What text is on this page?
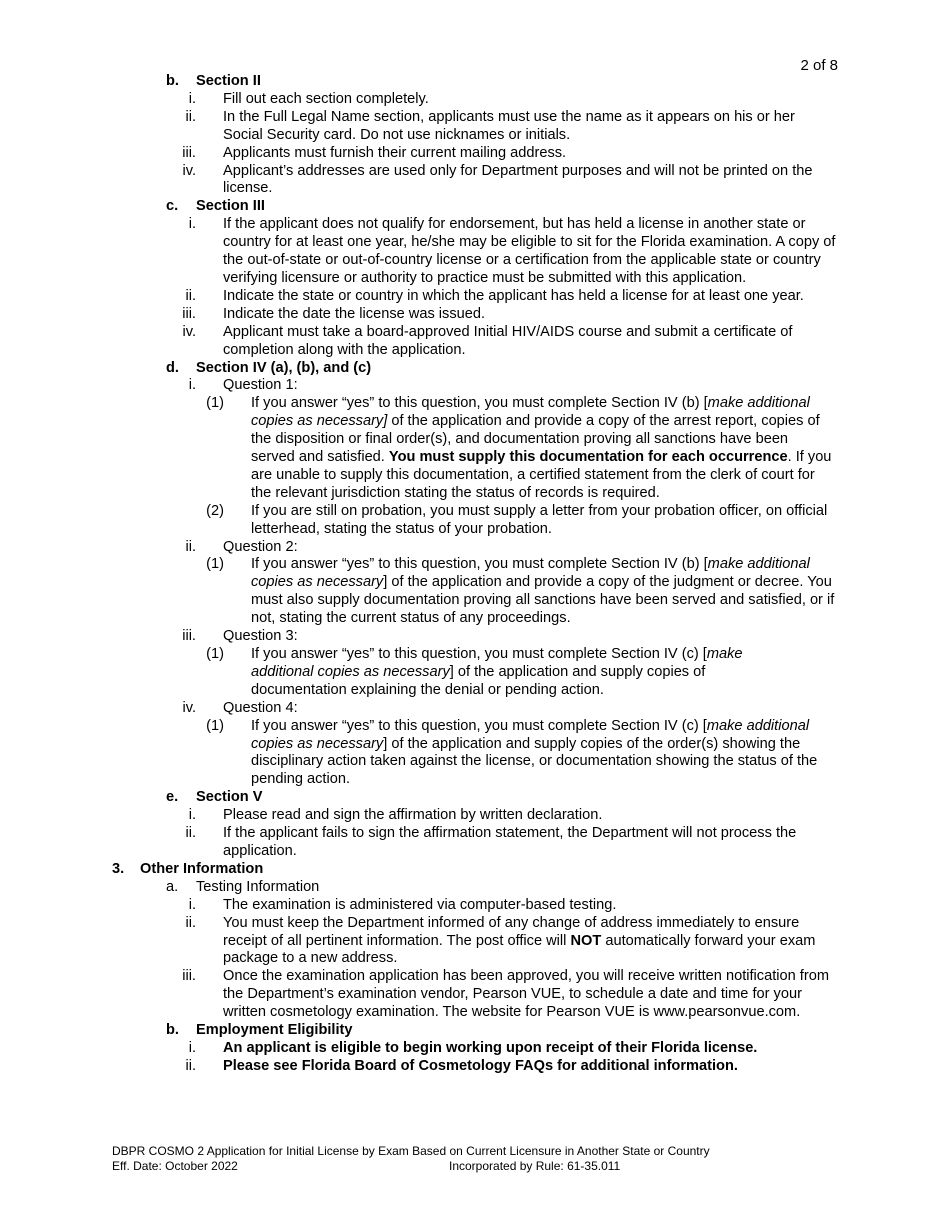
2 of 8
b.	Section II
i. Fill out each section completely.
ii. In the Full Legal Name section, applicants must use the name as it appears on his or her Social Security card. Do not use nicknames or initials.
iii. Applicants must furnish their current mailing address.
iv. Applicant’s addresses are used only for Department purposes and will not be printed on the license.
c.	Section III
i. If the applicant does not qualify for endorsement, but has held a license in another state or country for at least one year, he/she may be eligible to sit for the Florida examination. A copy of the out-of-state or out-of-country license or a certification from the applicable state or country verifying licensure or authority to practice must be submitted with this application.
ii. Indicate the state or country in which the applicant has held a license for at least one year.
iii. Indicate the date the license was issued.
iv. Applicant must take a board-approved Initial HIV/AIDS course and submit a certificate of completion along with the application.
d.	Section IV (a), (b), and (c)
i. Question 1:
(1) If you answer “yes” to this question, you must complete Section IV (b) [make additional copies as necessary] of the application and provide a copy of the arrest report, copies of the disposition or final order(s), and documentation proving all sanctions have been served and satisfied. You must supply this documentation for each occurrence. If you are unable to supply this documentation, a certified statement from the clerk of court for the relevant jurisdiction stating the status of records is required.
(2) If you are still on probation, you must supply a letter from your probation officer, on official letterhead, stating the status of your probation.
ii. Question 2:
(1) If you answer “yes” to this question, you must complete Section IV (b) [make additional copies as necessary] of the application and provide a copy of the judgment or decree. You must also supply documentation proving all sanctions have been served and satisfied, or if not, stating the current status of any proceedings.
iii. Question 3:
(1) If you answer “yes” to this question, you must complete Section IV (c) [make additional copies as necessary] of the application and supply copies of documentation explaining the denial or pending action.
iv. Question 4:
(1) If you answer “yes” to this question, you must complete Section IV (c) [make additional copies as necessary] of the application and supply copies of the order(s) showing the disciplinary action taken against the license, or documentation showing the status of the pending action.
e.	Section V
i. Please read and sign the affirmation by written declaration.
ii. If the applicant fails to sign the affirmation statement, the Department will not process the application.
3.	Other Information
a.	Testing Information
i. The examination is administered via computer-based testing.
ii. You must keep the Department informed of any change of address immediately to ensure receipt of all pertinent information. The post office will NOT automatically forward your exam package to a new address.
iii. Once the examination application has been approved, you will receive written notification from the Department’s examination vendor, Pearson VUE, to schedule a date and time for your written cosmetology examination. The website for Pearson VUE is www.pearsonvue.com.
b.	Employment Eligibility
i. An applicant is eligible to begin working upon receipt of their Florida license.
ii. Please see Florida Board of Cosmetology FAQs for additional information.
DBPR COSMO 2 Application for Initial License by Exam Based on Current Licensure in Another State or Country
Eff. Date: October 2022	Incorporated by Rule: 61-35.011
